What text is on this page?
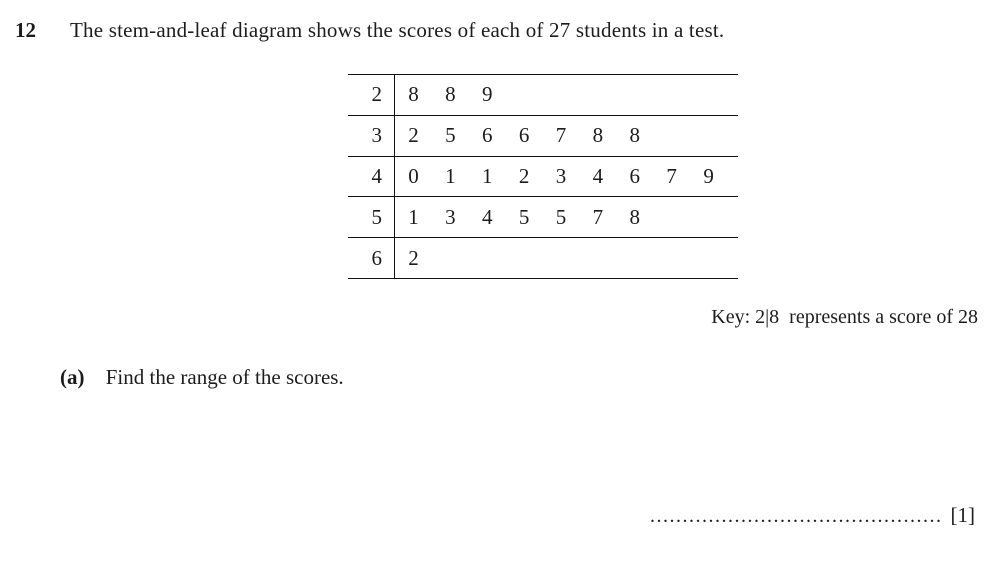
12	The stem-and-leaf diagram shows the scores of each of 27 students in a test.
2	8	8	9
3	2	5	6	6	7	8	8
4	0	1	1	2	3	4	6	7	9
5	1	3	4	5	5	7	8
6	2
Key: 2|8  represents a score of 28
(a) Find the range of the scores.
............................................. [1]
